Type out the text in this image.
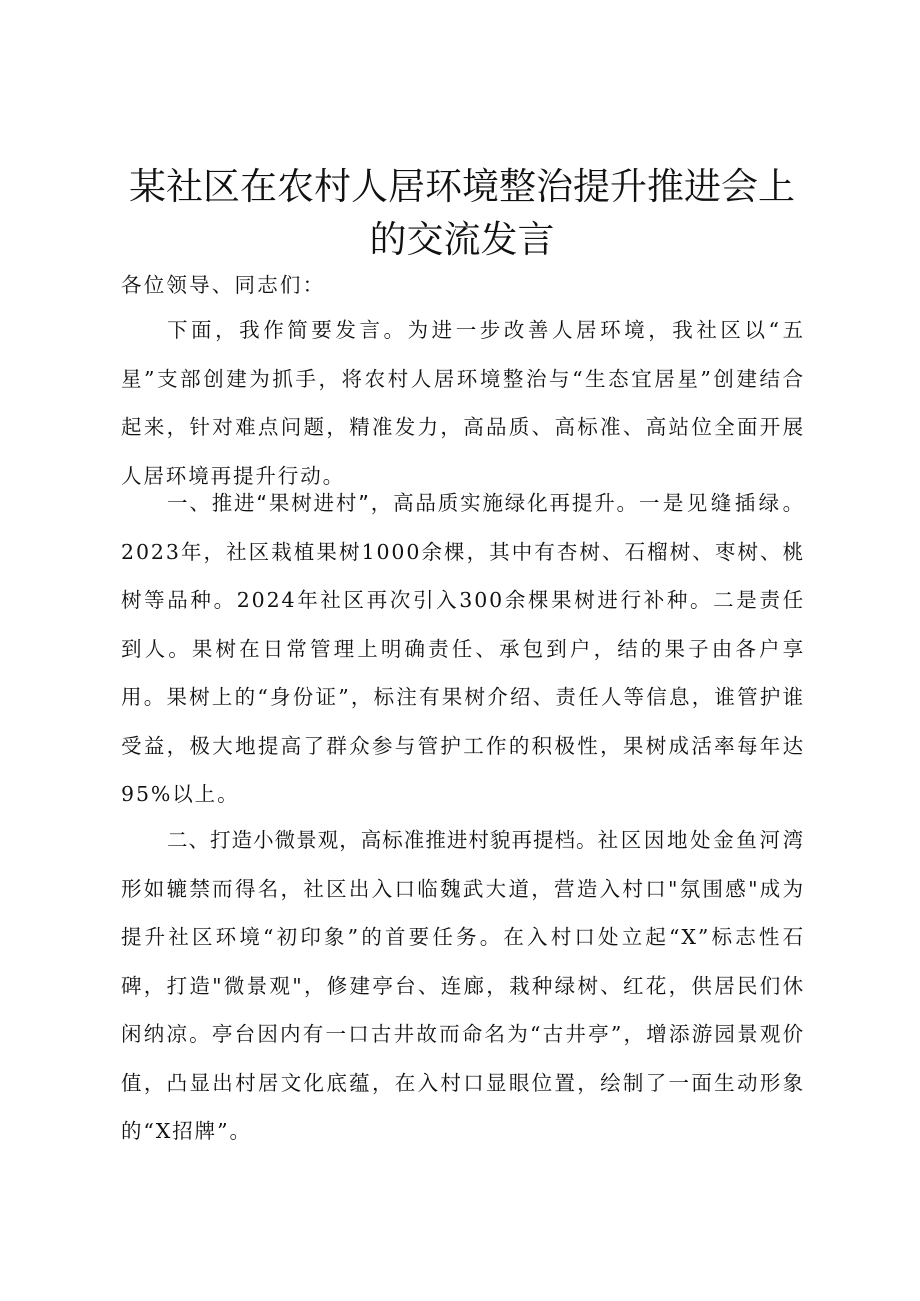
某社区在农村人居环境整治提升推进会上的交流发言

各位领导、同志们：

下面，我作简要发言。为进一步改善人居环境，我社区以“五星”支部创建为抓手，将农村人居环境整治与“生态宜居星”创建结合起来，针对难点问题，精准发力，高品质、高标准、高站位全面开展人居环境再提升行动。

一、推进“果树进村”，高品质实施绿化再提升。一是见缝插绿。2023年，社区栽植果树1000余棵，其中有杏树、石榴树、枣树、桃树等品种。2024年社区再次引入300余棵果树进行补种。二是责任到人。果树在日常管理上明确责任、承包到户，结的果子由各户享用。果树上的“身份证”，标注有果树介绍、责任人等信息，谁管护谁受益，极大地提高了群众参与管护工作的积极性，果树成活率每年达95%以上。

二、打造小微景观，高标准推进村貌再提档。社区因地处金鱼河湾形如辘禁而得名，社区出入口临魏武大道，营造入村口"氛围感"成为提升社区环境“初印象”的首要任务。在入村口处立起“X”标志性石碑，打造"微景观"，修建亭台、连廊，栽种绿树、红花，供居民们休闲纳凉。亭台因内有一口古井故而命名为“古井亭”，增添游园景观价值，凸显出村居文化底蕴，在入村口显眼位置，绘制了一面生动形象的“X招牌”。
